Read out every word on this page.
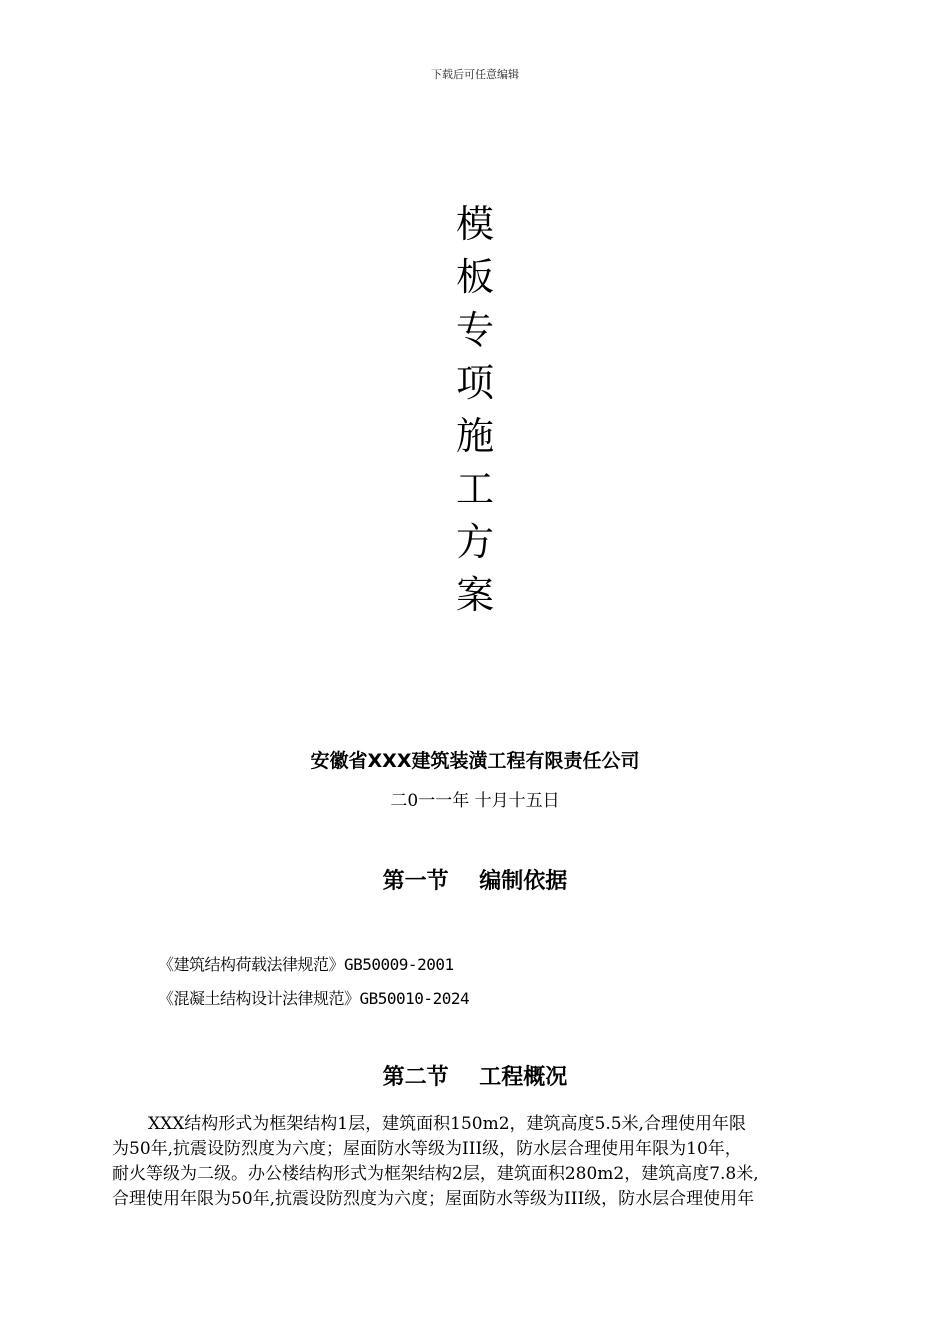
下载后可任意编辑
模
板
专
项
施
工
方
案
安徽省XXX建筑装潢工程有限责任公司
二0一一年 十月十五日
第一节    编制依据
《建筑结构荷载法律规范》GB50009-2001
《混凝土结构设计法律规范》GB50010-2024
第二节    工程概况
XXX结构形式为框架结构1层，建筑面积150m2，建筑高度5.5米,合理使用年限
为50年,抗震设防烈度为六度；屋面防水等级为III级，防水层合理使用年限为10年，
耐火等级为二级。办公楼结构形式为框架结构2层，建筑面积280m2，建筑高度7.8米,
合理使用年限为50年,抗震设防烈度为六度；屋面防水等级为III级，防水层合理使用年
